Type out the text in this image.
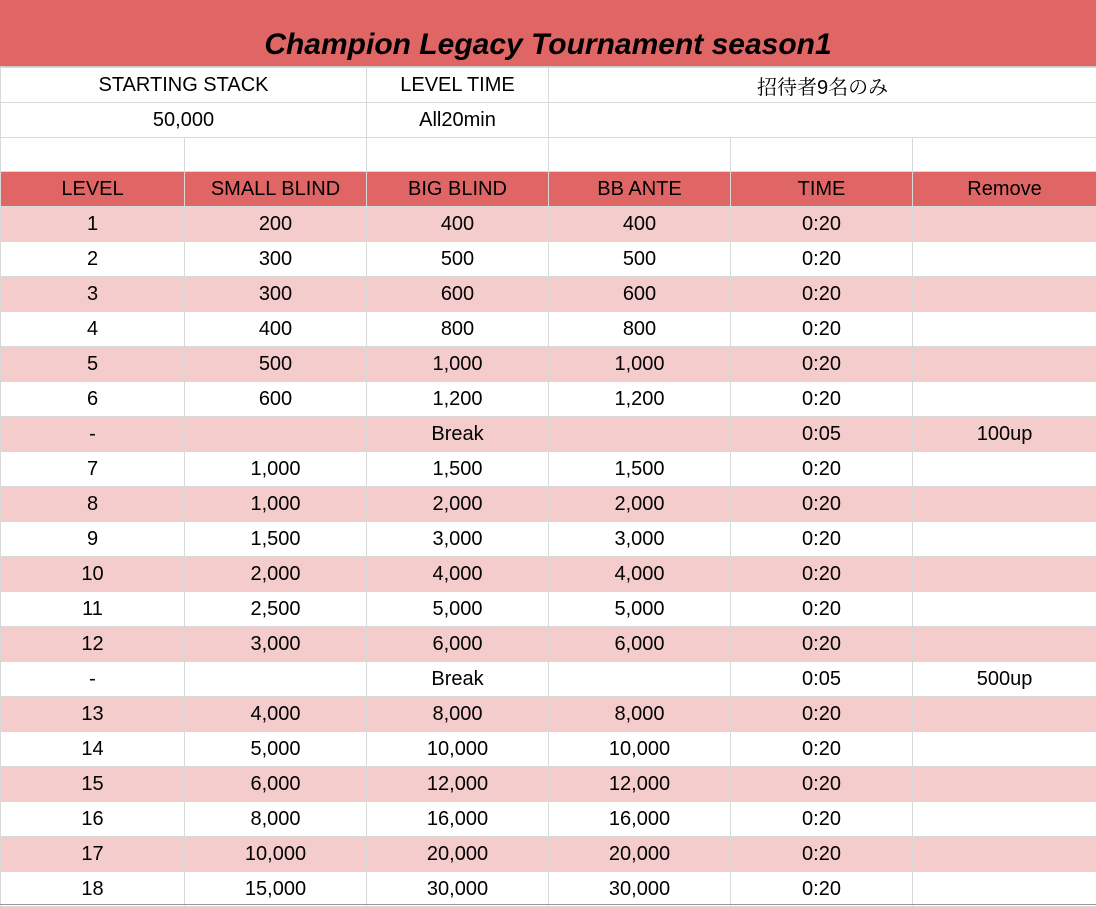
Champion Legacy Tournament season1
STARTING STACK		LEVEL TIME	招待者9名のみ		
50,000		All20min			

LEVEL	SMALL BLIND	BIG BLIND	BB ANTE	TIME	Remove
1	200	400	400	0:20	
2	300	500	500	0:20	
3	300	600	600	0:20	
4	400	800	800	0:20	
5	500	1,000	1,000	0:20	
6	600	1,200	1,200	0:20	
-		Break		0:05	100up
7	1,000	1,500	1,500	0:20	
8	1,000	2,000	2,000	0:20	
9	1,500	3,000	3,000	0:20	
10	2,000	4,000	4,000	0:20	
11	2,500	5,000	5,000	0:20	
12	3,000	6,000	6,000	0:20	
-		Break		0:05	500up
13	4,000	8,000	8,000	0:20	
14	5,000	10,000	10,000	0:20	
15	6,000	12,000	12,000	0:20	
16	8,000	16,000	16,000	0:20	
17	10,000	20,000	20,000	0:20	
18	15,000	30,000	30,000	0:20	
